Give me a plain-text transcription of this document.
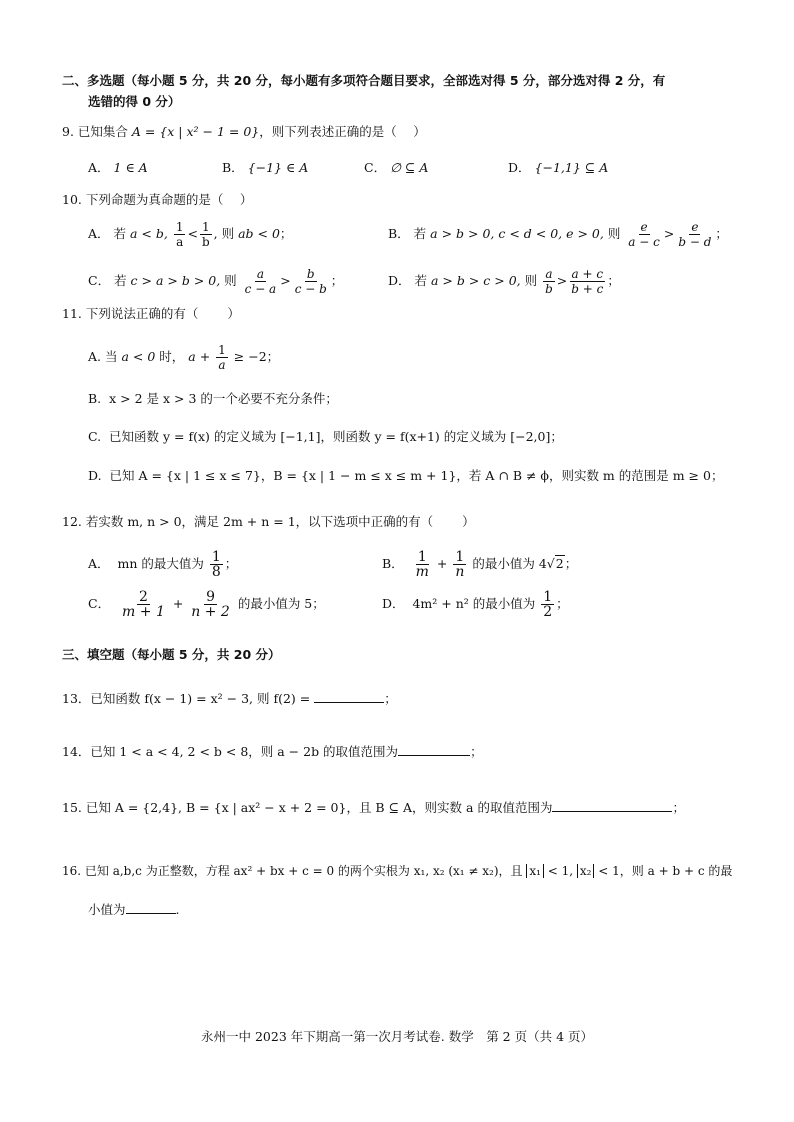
二、多选题（每小题 5 分，共 20 分，每小题有多项符合题目要求，全部选对得 5 分，部分选对得 2 分，有
选错的得 0 分）
9. 已知集合 A = {x | x² − 1 = 0}，则下列表述正确的是（　 ）
A． 1 ∈ A	B． {−1} ∈ A	C． ∅ ⊆ A	D． {−1,1} ⊆ A
10. 下列命题为真命题的是（　 ）
A． 若 a < b, $\frac{1}{a} < \frac{1}{b}$ , 则 ab < 0；	B． 若 a > b > 0, c < d < 0, e > 0, 则 $\frac{e}{a - c} > \frac{e}{b - d}$ ；
C． 若 c > a > b > 0, 则 $\frac{a}{c - a} > \frac{b}{c - b}$ ；	D． 若 a > b > c > 0, 则 $\frac{a}{b} > \frac{a + c}{b + c}$ ；
11. 下列说法正确的有（　 　）
A. 当 a < 0 时， $a + \frac{1}{a} \ge -2$；
B. x > 2 是 x > 3 的一个必要不充分条件；
C. 已知函数 y = f(x) 的定义域为 [−1,1]，则函数 y = f(x+1) 的定义域为 [−2,0]；
D. 已知 A = {x | 1 ≤ x ≤ 7}，B = {x | 1 − m ≤ x ≤ m + 1}，若 A ∩ B ≠ ϕ，则实数 m 的范围是 m ≥ 0；
12. 若实数 m, n > 0，满足 2m + n = 1，以下选项中正确的有（　 　）
A． mn 的最大值为 $\frac{1}{8}$ ；	B． $\frac{1}{m} + \frac{1}{n}$ 的最小值为 4√2；
C． $\frac{2}{m + 1} + \frac{9}{n + 2}$ 的最小值为 5；	D． 4m² + n² 的最小值为 $\frac{1}{2}$ ；
三、填空题（每小题 5 分，共 20 分）
13．已知函数 f(x − 1) = x² − 3, 则 f(2) =	；
14．已知 1 < a < 4, 2 < b < 8，则 a − 2b 的取值范围为	；
15. 已知 A = {2,4}, B = {x | ax² − x + 2 = 0}，且 B ⊆ A，则实数 a 的取值范围为	；
16. 已知 a,b,c 为正整数，方程 ax² + bx + c = 0 的两个实根为 x₁, x₂ (x₁ ≠ x₂)，且 x₁ < 1, x₂ < 1，则 a + b + c 的最
小值为	.
永州一中 2023 年下期高一第一次月考试卷. 数学　第 2 页（共 4 页）
